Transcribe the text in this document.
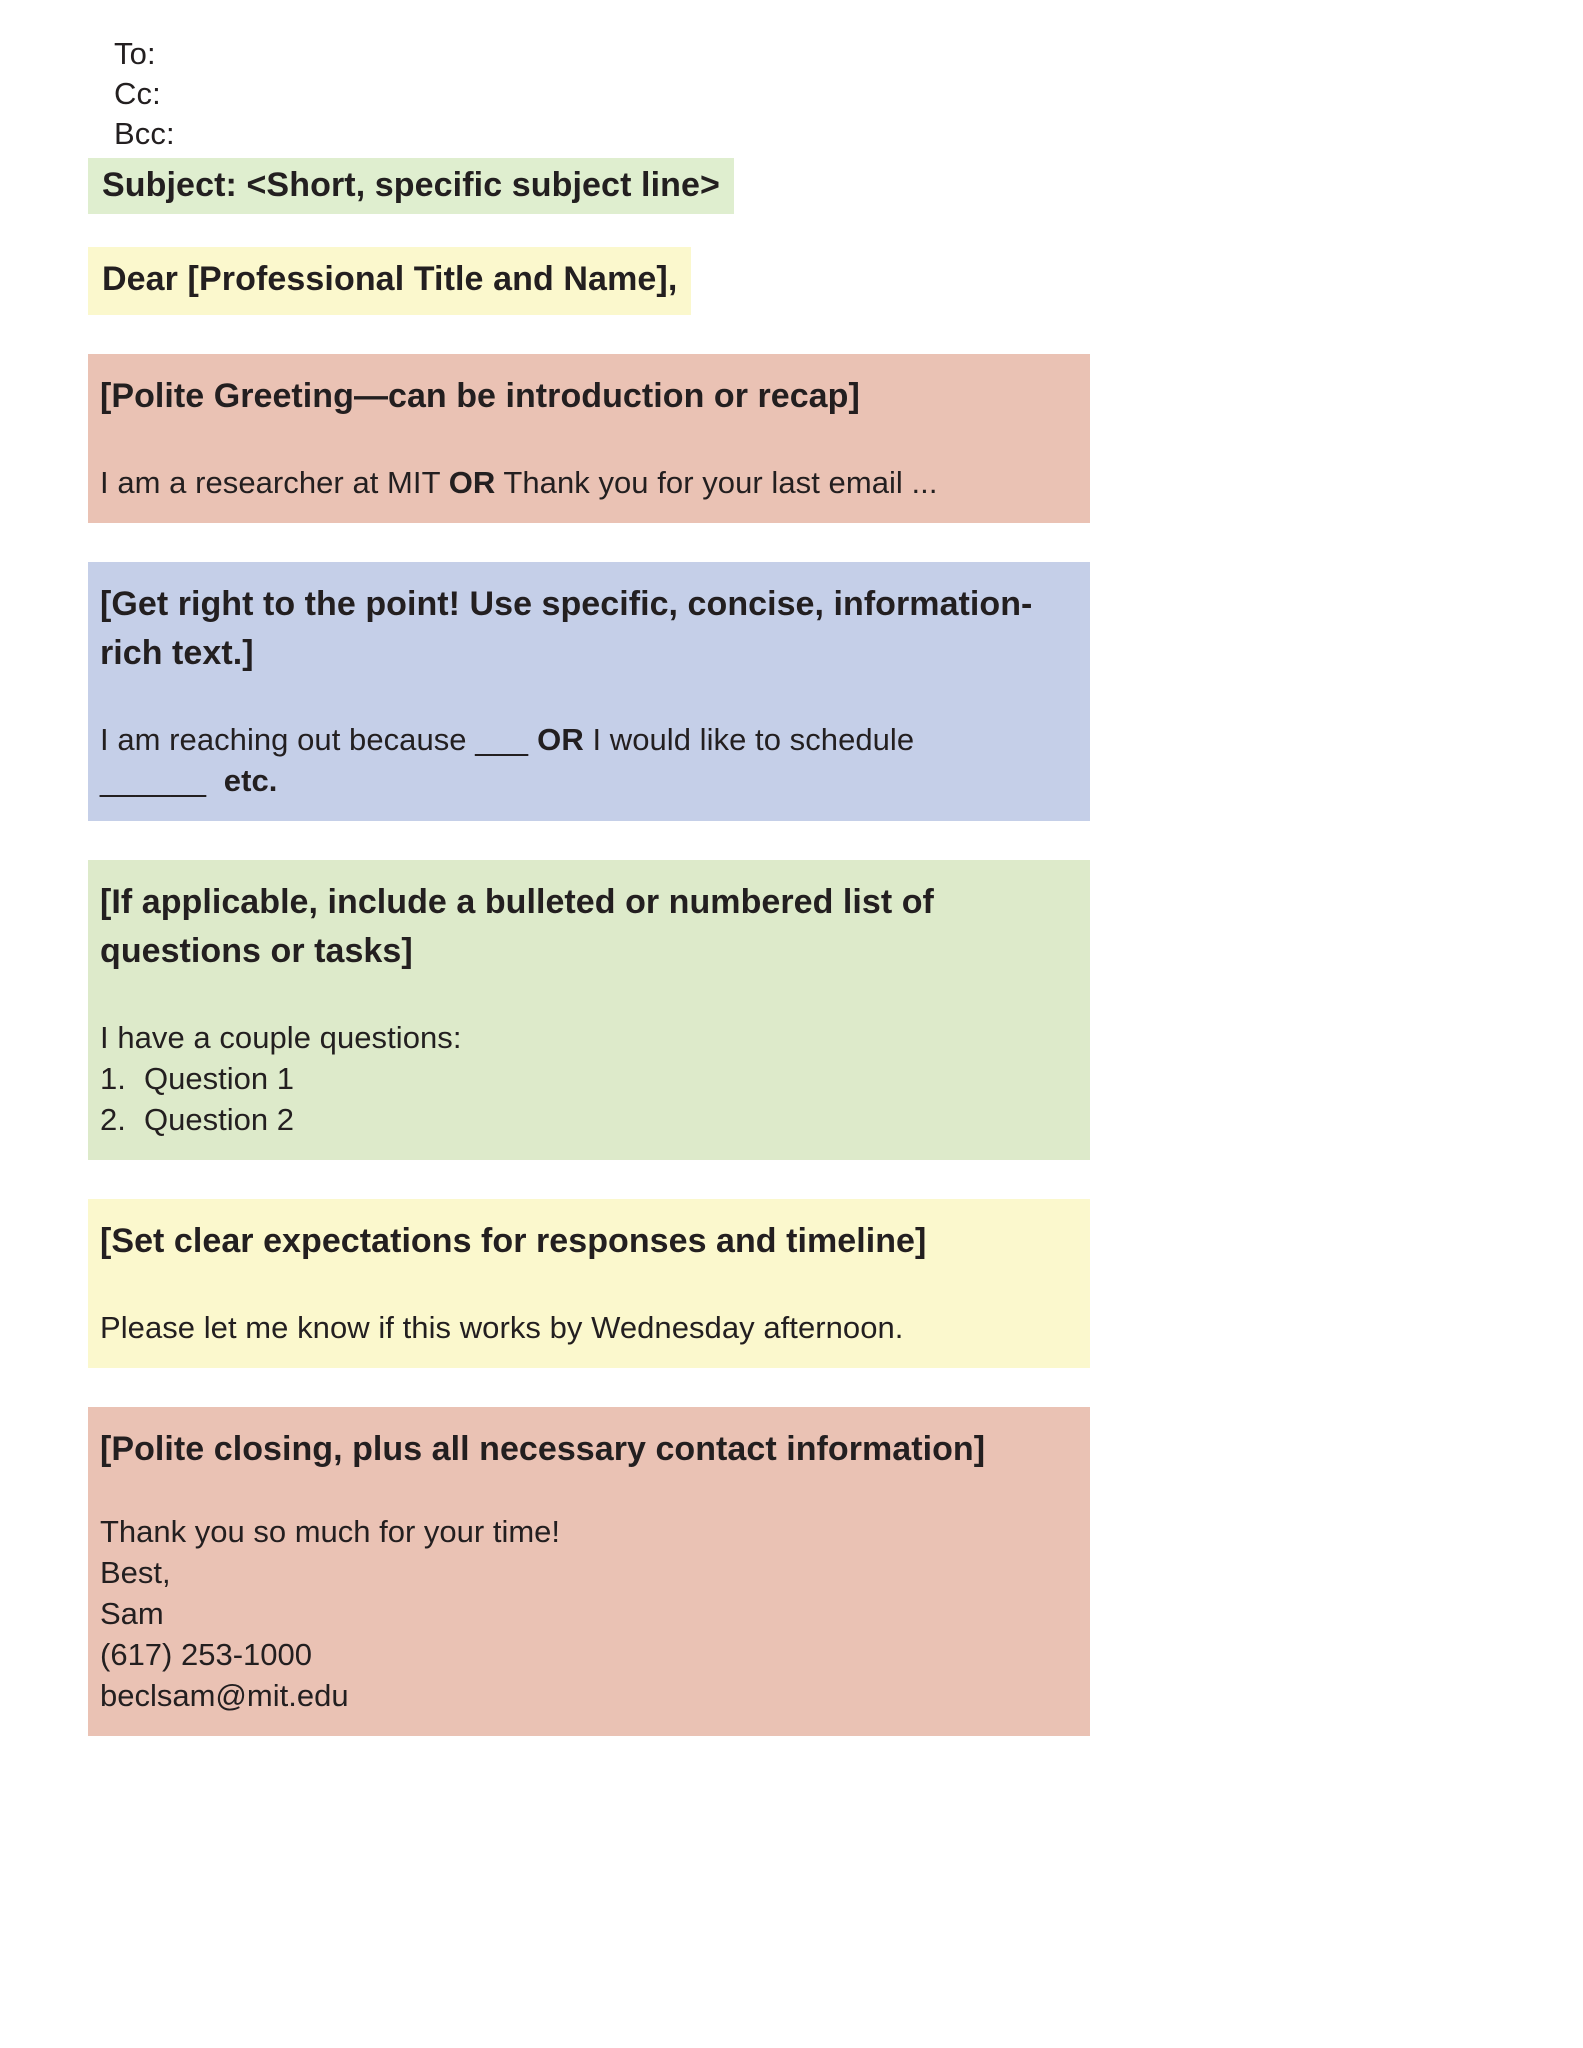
To:
Cc:
Bcc:
Subject: <Short, specific subject line>
Dear [Professional Title and Name],
[Polite Greeting—can be introduction or recap]
I am a researcher at MIT OR Thank you for your last email ...
[Get right to the point! Use specific, concise, information-rich text.]
I am reaching out because ___ OR I would like to schedule ______ etc.
[If applicable, include a bulleted or numbered list of questions or tasks]
I have a couple questions:
1. Question 1
2. Question 2
[Set clear expectations for responses and timeline]
Please let me know if this works by Wednesday afternoon.
[Polite closing, plus all necessary contact information]
Thank you so much for your time!
Best,
Sam
(617) 253-1000
beclsam@mit.edu
